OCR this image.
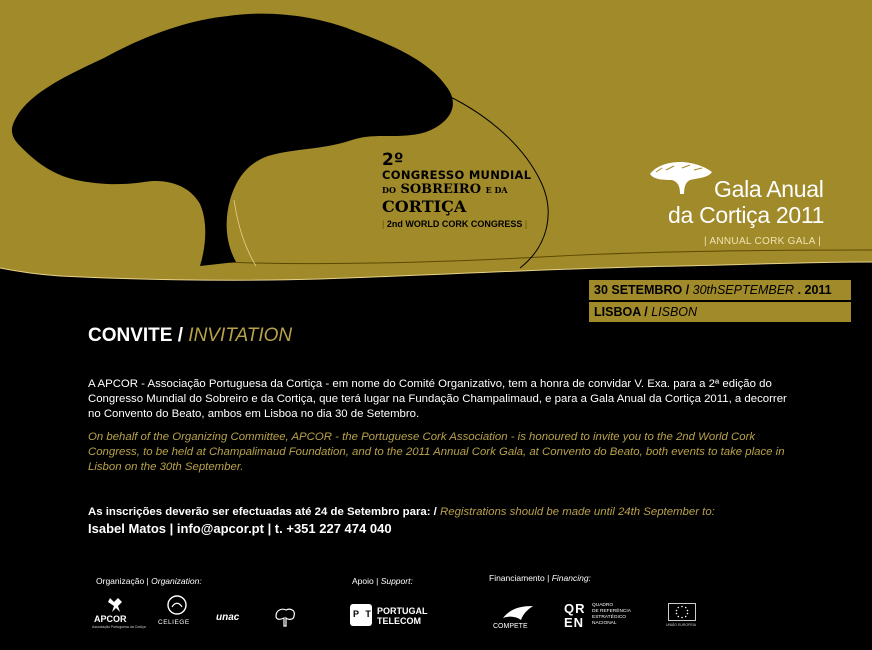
2º
CONGRESSO MUNDIAL
DO SOBREIRO E DA
CORTIÇA
| 2nd WORLD CORK CONGRESS |
Gala Anual
da Cortiça 2011
| ANNUAL CORK GALA |
30 SETEMBRO / 30thSEPTEMBER . 2011
LISBOA / LISBON
CONVITE / INVITATION
A APCOR - Associação Portuguesa da Cortiça - em nome do Comité Organizativo, tem a honra de convidar V. Exa. para a 2ª edição do Congresso Mundial do Sobreiro e da Cortiça, que terá lugar na Fundação Champalimaud, e para a Gala Anual da Cortiça 2011, a decorrer no Convento do Beato, ambos em Lisboa no dia 30 de Setembro.
On behalf of the Organizing Committee, APCOR - the Portuguese Cork Association - is honoured to invite you to the 2nd World Cork Congress, to be held at Champalimaud Foundation, and to the 2011 Annual Cork Gala, at Convento do Beato, both events to take place in Lisbon on the 30th September.
As inscrições deverão ser efectuadas até 24 de Setembro para: / Registrations should be made until 24th September to:
Isabel Matos | info@apcor.pt | t. +351 227 474 040
Organização | Organization:	Apoio | Support:	Financiamento | Financing:
APCOR
Associação Portuguesa da Cortiça
CELIEGE	unac	P T PORTUGAL
TELECOM
COMPETE
QR EN
QUADRO
DE REFERÊNCIA
ESTRATÉGICO
NACIONAL	UNIÃO EUROPEIA
